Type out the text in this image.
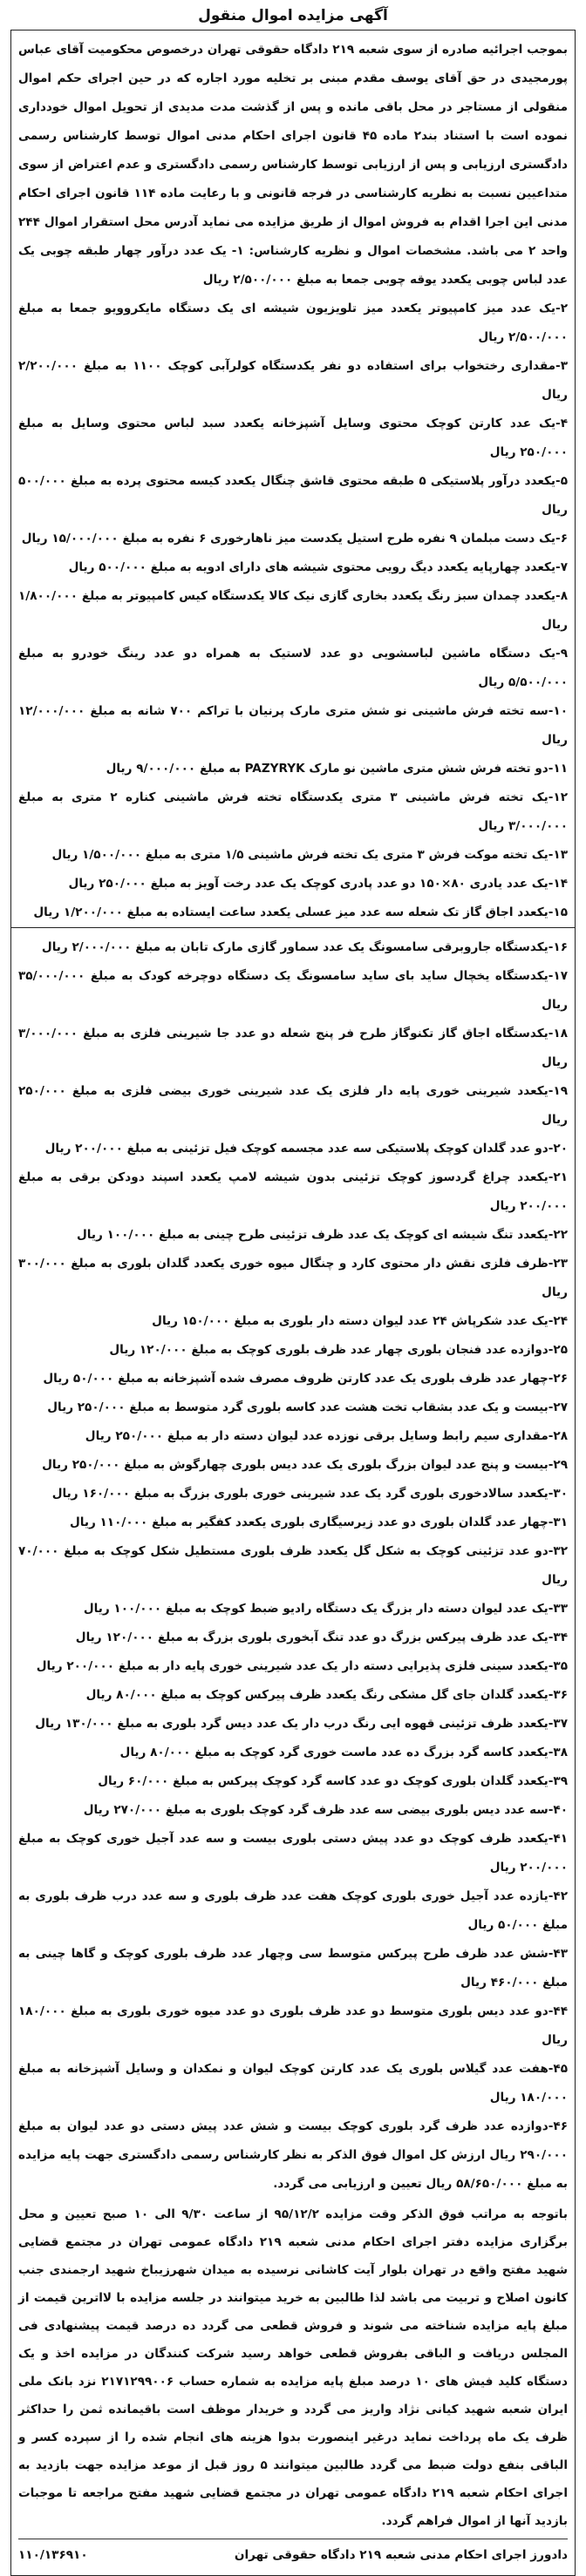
آگهی مزایده اموال منقول

بموجب اجرائیه صادره از سوی شعبه ۲۱۹ دادگاه حقوقی تهران درخصوص محکومیت آقای عباس پورمجیدی در حق آقای یوسف مقدم مبنی بر تخلیه مورد اجاره که در حین اجرای حکم اموال منقولی از مستاجر در محل باقی مانده و پس از گذشت مدت مدیدی از تحویل اموال خودداری نموده است با استناد بند۲ ماده ۴۵ قانون اجرای احکام مدنی اموال توسط کارشناس رسمی دادگستری ارزیابی و پس از ارزیابی توسط کارشناس رسمی دادگستری و عدم اعتراض از سوی متداعیین نسبت به نظریه کارشناسی در فرجه قانونی و با رعایت ماده ۱۱۴ قانون اجرای احکام مدنی این اجرا اقدام به فروش اموال از طریق مزایده می نماید آدرس محل استقرار اموال ۲۴۴ واحد ۲ می باشد. مشخصات اموال و نظریه کارشناس: ۱- یک عدد درآور چهار طبقه چوبی یک عدد لباس چوبی یکعدد یوقه چوبی جمعا به مبلغ ۲/۵۰۰/۰۰۰ ریال

۲-یک عدد میز کامپیوتر یکعدد میز تلویزیون شیشه ای یک دستگاه مایکروویو جمعا به مبلغ ۲/۵۰۰/۰۰۰ ریال
۳-مقداری رختخواب برای استفاده دو نفر یکدستگاه کولرآبی کوچک ۱۱۰۰ به مبلغ ۲/۲۰۰/۰۰۰ ریال
۴-یک عدد کارتن کوچک محتوی وسایل آشپزخانه یکعدد سبد لباس محتوی وسایل به مبلغ ۲۵۰/۰۰۰ ریال
۵-یکعدد درآور پلاستیکی ۵ طبقه محتوی قاشق چنگال یکعدد کیسه محتوی پرده به مبلغ ۵۰۰/۰۰۰ ریال
۶-یک دست مبلمان ۹ نفره طرح استیل یکدست میز ناهارخوری ۶ نفره به مبلغ ۱۵/۰۰۰/۰۰۰ ریال
۷-یکعدد چهارپایه یکعدد دیگ رویی محتوی شیشه های دارای ادویه به مبلغ ۵۰۰/۰۰۰ ریال
۸-یکعدد چمدان سبز رنگ یکعدد بخاری گازی نیک کالا یکدستگاه کیس کامپیوتر به مبلغ ۱/۸۰۰/۰۰۰ ریال
۹-یک دستگاه ماشین لباسشویی دو عدد لاستیک به همراه دو عدد رینگ خودرو به مبلغ ۵/۵۰۰/۰۰۰ ریال
۱۰-سه تخته فرش ماشینی نو شش متری مارک پرنیان با تراکم ۷۰۰ شانه به مبلغ ۱۲/۰۰۰/۰۰۰ ریال
۱۱-دو تخته فرش شش متری ماشین نو مارک PAZYRYK به مبلغ ۹/۰۰۰/۰۰۰ ریال
۱۲-یک تخته فرش ماشینی ۳ متری یکدستگاه تخته فرش ماشینی کناره ۲ متری به مبلغ ۳/۰۰۰/۰۰۰ ریال
۱۳-یک تخته موکت فرش ۳ متری یک تخته فرش ماشینی ۱/۵ متری به مبلغ ۱/۵۰۰/۰۰۰ ریال
۱۴-یک عدد یادری ۸۰×۱۵۰ دو عدد پادری کوچک یک عدد رخت آویز به مبلغ ۲۵۰/۰۰۰ ریال
۱۵-یکعدد اجاق گاز تک شعله سه عدد میز عسلی یکعدد ساعت ایستاده به مبلغ ۱/۲۰۰/۰۰۰ ریال
۱۶-یکدستگاه جاروبرقی سامسونگ یک عدد سماور گازی مارک تابان به مبلغ ۲/۰۰۰/۰۰۰ ریال
۱۷-یکدستگاه یخچال ساید بای ساید سامسونگ یک دستگاه دوچرخه کودک به مبلغ ۳۵/۰۰۰/۰۰۰ ریال
۱۸-یکدستگاه اجاق گاز تکنوگاز طرح فر پنج شعله دو عدد جا شیرینی فلزی به مبلغ ۳/۰۰۰/۰۰۰ ریال
۱۹-یکعدد شیرینی خوری پایه دار فلزی یک عدد شیرینی خوری بیضی فلزی به مبلغ ۲۵۰/۰۰۰ ریال
۲۰-دو عدد گلدان کوچک پلاستیکی سه عدد مجسمه کوچک فیل تزئینی به مبلغ ۲۰۰/۰۰۰ ریال
۲۱-یکعدد چراغ گردسوز کوچک تزئینی بدون شیشه لامپ یکعدد اسپند دودکن برقی به مبلغ ۲۰۰/۰۰۰ ریال
۲۲-یکعدد تنگ شیشه ای کوچک یک عدد ظرف تزئینی طرح چینی به مبلغ ۱۰۰/۰۰۰ ریال
۲۳-ظرف فلزی نقش دار محتوی کارد و چنگال میوه خوری یکعدد گلدان بلوری به مبلغ ۳۰۰/۰۰۰ ریال
۲۴-یک عدد شکرپاش ۲۴ عدد لیوان دسته دار بلوری به مبلغ ۱۵۰/۰۰۰ ریال
۲۵-دوازده عدد فنجان بلوری چهار عدد ظرف بلوری کوچک به مبلغ ۱۲۰/۰۰۰ ریال
۲۶-چهار عدد ظرف بلوری یک عدد کارتن ظروف مصرف شده آشپزخانه به مبلغ ۵۰/۰۰۰ ریال
۲۷-بیست و یک عدد بشقاب تخت هشت عدد کاسه بلوری گرد متوسط به مبلغ ۲۵۰/۰۰۰ ریال
۲۸-مقداری سیم رابط وسایل برقی نوزده عدد لیوان دسته دار به مبلغ ۲۵۰/۰۰۰ ریال
۲۹-بیست و پنج عدد لیوان بزرگ بلوری یک عدد دیس بلوری چهارگوش به مبلغ ۲۵۰/۰۰۰ ریال
۳۰-یکعدد سالادخوری بلوری گرد یک عدد شیرینی خوری بلوری بزرگ به مبلغ ۱۶۰/۰۰۰ ریال
۳۱-چهار عدد گلدان بلوری دو عدد زیرسیگاری بلوری یکعدد کفگیر به مبلغ ۱۱۰/۰۰۰ ریال
۳۲-دو عدد تزئینی کوچک به شکل گل یکعدد ظرف بلوری مستطیل شکل کوچک به مبلغ ۷۰/۰۰۰ ریال
۳۳-یک عدد لیوان دسته دار بزرگ یک دستگاه رادیو ضبط کوچک به مبلغ ۱۰۰/۰۰۰ ریال
۳۴-یک عدد ظرف پیرکس بزرگ دو عدد تنگ آبخوری بلوری بزرگ به مبلغ ۱۲۰/۰۰۰ ریال
۳۵-یکعدد سینی فلزی پذیرایی دسته دار یک عدد شیرینی خوری پایه دار به مبلغ ۲۰۰/۰۰۰ ریال
۳۶-یکعدد گلدان جای گل مشکی رنگ یکعدد ظرف پیرکس کوچک به مبلغ ۸۰/۰۰۰ ریال
۳۷-یکعدد ظرف تزئینی قهوه ایی رنگ درب دار یک عدد دیس گرد بلوری به مبلغ ۱۳۰/۰۰۰ ریال
۳۸-یکعدد کاسه گرد بزرگ ده عدد ماست خوری گرد کوچک به مبلغ ۸۰/۰۰۰ ریال
۳۹-یکعدد گلدان بلوری کوچک دو عدد کاسه گرد کوچک پیرکس به مبلغ ۶۰/۰۰۰ ریال
۴۰-سه عدد دیس بلوری بیضی سه عدد ظرف گرد کوچک بلوری به مبلغ ۲۷۰/۰۰۰ ریال
۴۱-یکعدد ظرف کوچک دو عدد پیش دستی بلوری بیست و سه عدد آجیل خوری کوچک به مبلغ ۲۰۰/۰۰۰ ریال
۴۲-یازده عدد آجیل خوری بلوری کوچک هفت عدد ظرف بلوری و سه عدد درب ظرف بلوری به مبلغ ۵۰/۰۰۰ ریال
۴۳-شش عدد ظرف طرح پیرکس متوسط سی وچهار عدد ظرف بلوری کوچک و گاها چینی به مبلغ ۴۶۰/۰۰۰ ریال
۴۴-دو عدد دیس بلوری متوسط دو عدد ظرف بلوری دو عدد میوه خوری بلوری به مبلغ ۱۸۰/۰۰۰ ریال
۴۵-هفت عدد گیلاس بلوری یک عدد کارتن کوچک لیوان و نمکدان و وسایل آشپزخانه به مبلغ ۱۸۰/۰۰۰ ریال
۴۶-دوازده عدد ظرف گرد بلوری کوچک بیست و شش عدد پیش دستی دو عدد لیوان به مبلغ ۲۹۰/۰۰۰ ریال ارزش کل اموال فوق الذکر به نظر کارشناس رسمی دادگستری جهت پایه مزایده به مبلغ ۵۸/۶۵۰/۰۰۰ ریال تعیین و ارزیابی می گردد.

باتوجه به مراتب فوق الذکر وقت مزایده ۹۵/۱۲/۲ از ساعت ۹/۳۰ الی ۱۰ صبح تعیین و محل برگزاری مزایده دفتر اجرای احکام مدنی شعبه ۲۱۹ دادگاه عمومی تهران در مجتمع قضایی شهید مفتح واقع در تهران بلوار آیت کاشانی نرسیده به میدان شهرزیباخ شهید ارجمندی جنب کانون اصلاح و تربیت می باشد لذا طالبین به خرید میتوانند در جلسه مزایده با لااترین قیمت از مبلغ پایه مزایده شناخته می شوند و فروش قطعی می گردد ده درصد قیمت پیشنهادی فی المجلس دریافت و الباقی بفروش قطعی خواهد رسید شرکت کنندگان در مزایده اخذ و یک دستگاه کلید فیش های ۱۰ درصد مبلغ پایه مزایده به شماره حساب ۲۱۷۱۲۹۹۰۰۶ نزد بانک ملی ایران شعبه شهید کیانی نژاد واریز می گردد و خریدار موظف است باقیمانده ثمن را حداکثر ظرف یک ماه پرداخت نماید درغیر اینصورت بدوا هزینه های انجام شده را از سپرده کسر و الباقی بنفع دولت ضبط می گردد طالبین میتوانند ۵ روز قبل از موعد مزایده جهت بازدید به اجرای احکام شعبه ۲۱۹ دادگاه عمومی تهران در مجتمع قضایی شهید مفتح مراجعه تا موجبات بازدید آنها از اموال فراهم گردد.

دادورز اجرای احکام مدنی شعبه ۲۱۹ دادگاه حقوقی تهران
۱۱۰/۱۳۶۹۱۰
